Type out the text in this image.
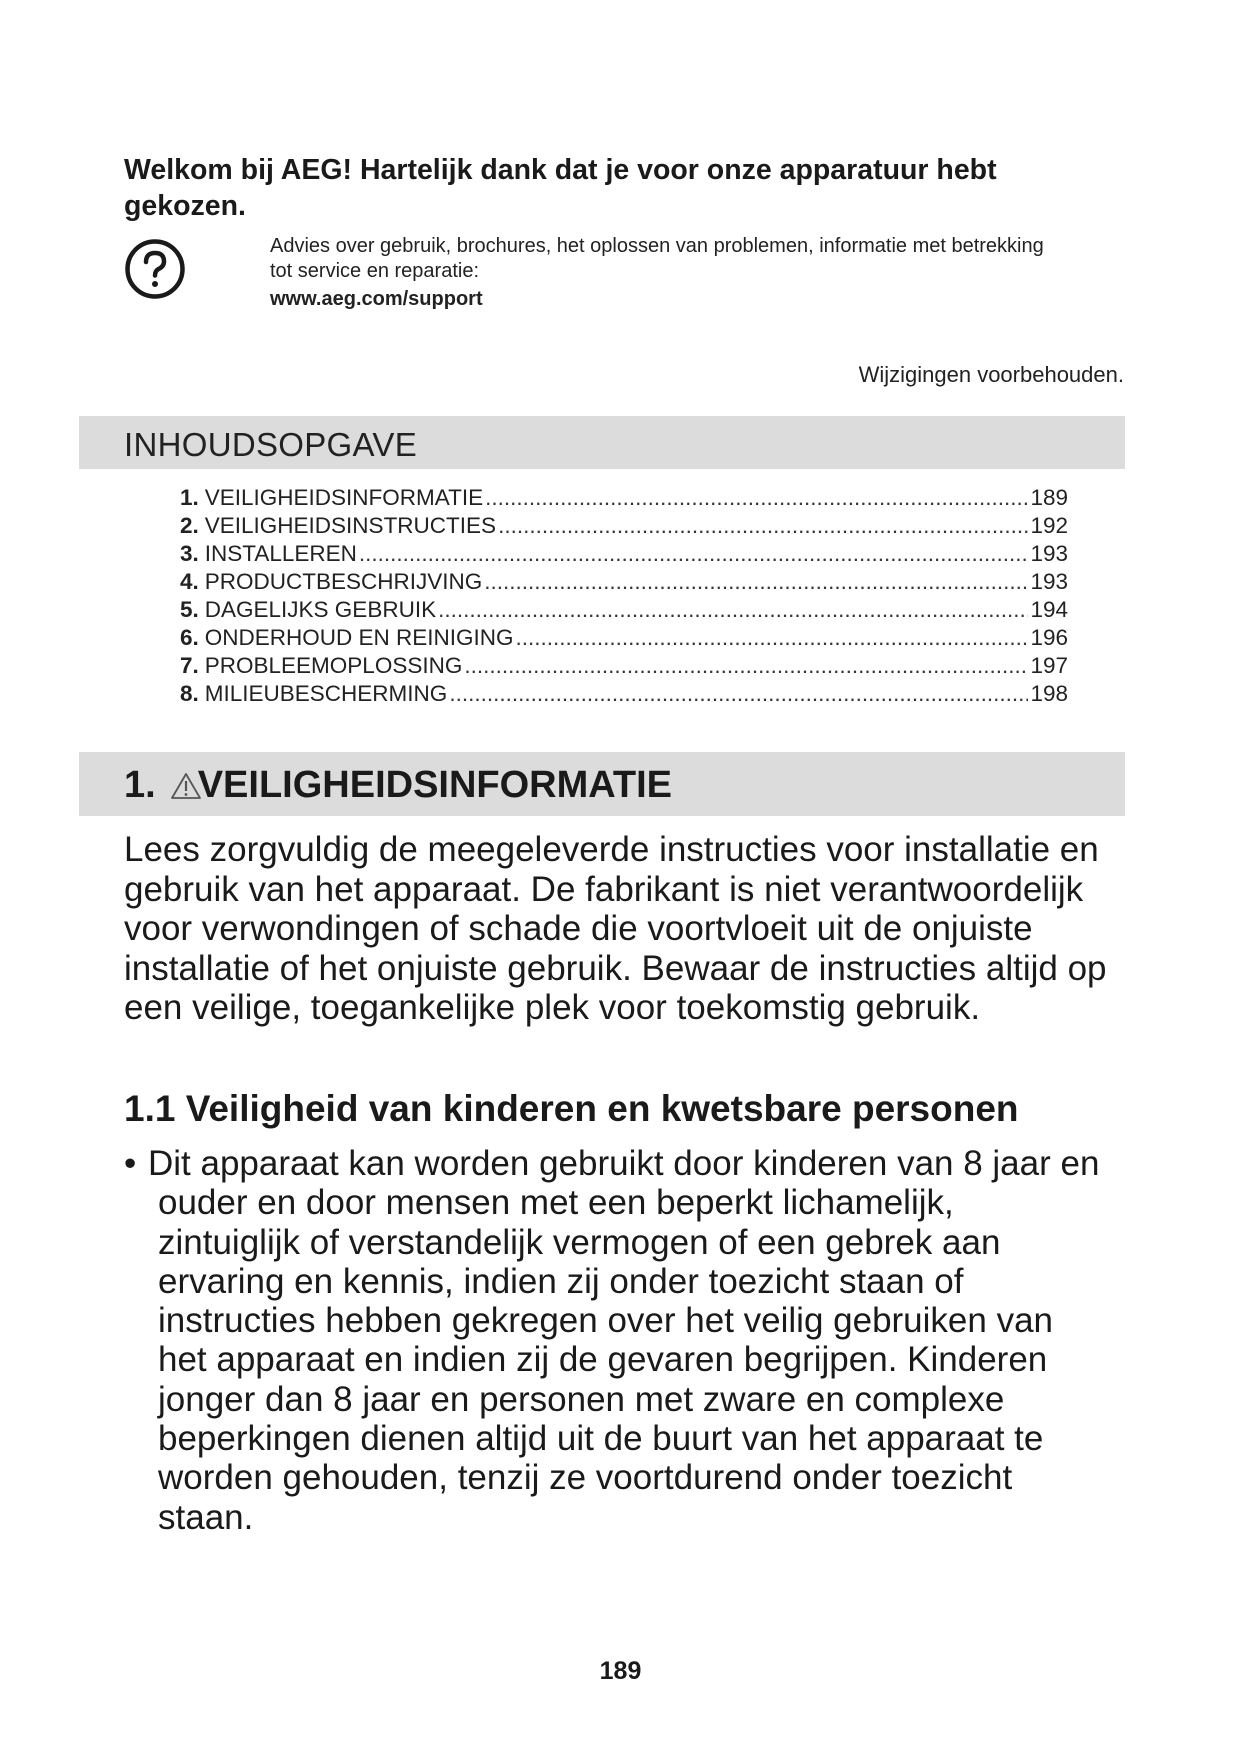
Welkom bij AEG! Hartelijk dank dat je voor onze apparatuur hebt gekozen.
Advies over gebruik, brochures, het oplossen van problemen, informatie met betrekking tot service en reparatie:
www.aeg.com/support
Wijzigingen voorbehouden.
INHOUDSOPGAVE
1. VEILIGHEIDSINFORMATIE .....	189
2. VEILIGHEIDSINSTRUCTIES .....	192
3. INSTALLEREN .....	193
4. PRODUCTBESCHRIJVING .....	193
5. DAGELIJKS GEBRUIK .....	194
6. ONDERHOUD EN REINIGING .....	196
7. PROBLEEMOPLOSSING .....	197
8. MILIEUBESCHERMING .....	198
1. VEILIGHEIDSINFORMATIE

Lees zorgvuldig de meegeleverde instructies voor installatie en gebruik van het apparaat. De fabrikant is niet verantwoordelijk voor verwondingen of schade die voortvloeit uit de onjuiste installatie of het onjuiste gebruik. Bewaar de instructies altijd op een veilige, toegankelijke plek voor toekomstig gebruik.

1.1 Veiligheid van kinderen en kwetsbare personen
• Dit apparaat kan worden gebruikt door kinderen van 8 jaar en ouder en door mensen met een beperkt lichamelijk, zintuiglijk of verstandelijk vermogen of een gebrek aan ervaring en kennis, indien zij onder toezicht staan of instructies hebben gekregen over het veilig gebruiken van het apparaat en indien zij de gevaren begrijpen. Kinderen jonger dan 8 jaar en personen met zware en complexe beperkingen dienen altijd uit de buurt van het apparaat te worden gehouden, tenzij ze voortdurend onder toezicht staan.
189
